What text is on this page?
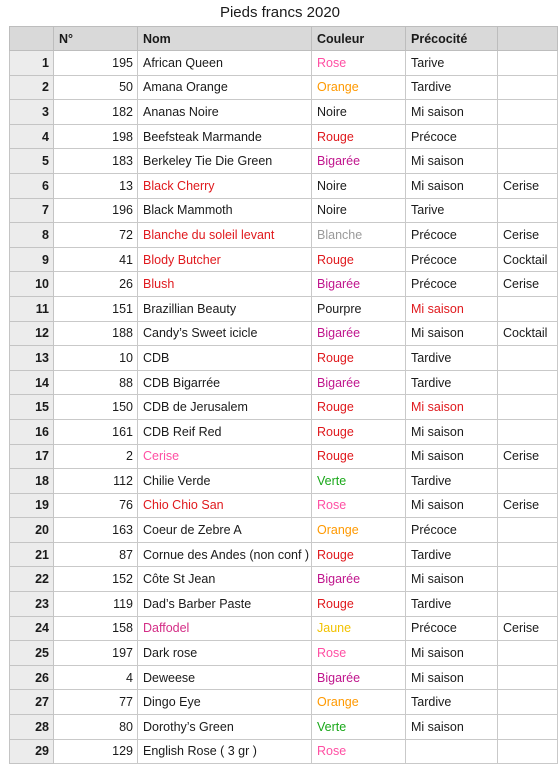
Pieds francs 2020
	N°	Nom	Couleur	Précocité	
1	195	African Queen	Rose	Tarive	
2	50	Amana Orange	Orange	Tardive	
3	182	Ananas Noire	Noire	Mi saison	
4	198	Beefsteak Marmande	Rouge	Précoce	
5	183	Berkeley Tie Die Green	Bigarée	Mi saison	
6	13	Black Cherry	Noire	Mi saison	Cerise
7	196	Black Mammoth	Noire	Tarive	
8	72	Blanche du soleil levant	Blanche	Précoce	Cerise
9	41	Blody Butcher	Rouge	Précoce	Cocktail
10	26	Blush	Bigarée	Précoce	Cerise
11	151	Brazillian Beauty	Pourpre	Mi saison	
12	188	Candy’s Sweet icicle	Bigarée	Mi saison	Cocktail
13	10	CDB	Rouge	Tardive	
14	88	CDB Bigarrée	Bigarée	Tardive	
15	150	CDB de Jerusalem	Rouge	Mi saison	
16	161	CDB Reif Red	Rouge	Mi saison	
17	2	Cerise	Rouge	Mi saison	Cerise
18	112	Chilie Verde	Verte	Tardive	
19	76	Chio Chio San	Rose	Mi saison	Cerise
20	163	Coeur de Zebre A	Orange	Précoce	
21	87	Cornue des Andes (non conf )	Rouge	Tardive	
22	152	Côte St Jean	Bigarée	Mi saison	
23	119	Dad’s Barber Paste	Rouge	Tardive	
24	158	Daffodel	Jaune	Précoce	Cerise
25	197	Dark rose	Rose	Mi saison	
26	4	Deweese	Bigarée	Mi saison	
27	77	Dingo Eye	Orange	Tardive	
28	80	Dorothy’s Green	Verte	Mi saison	
29	129	English Rose ( 3 gr )	Rose		
